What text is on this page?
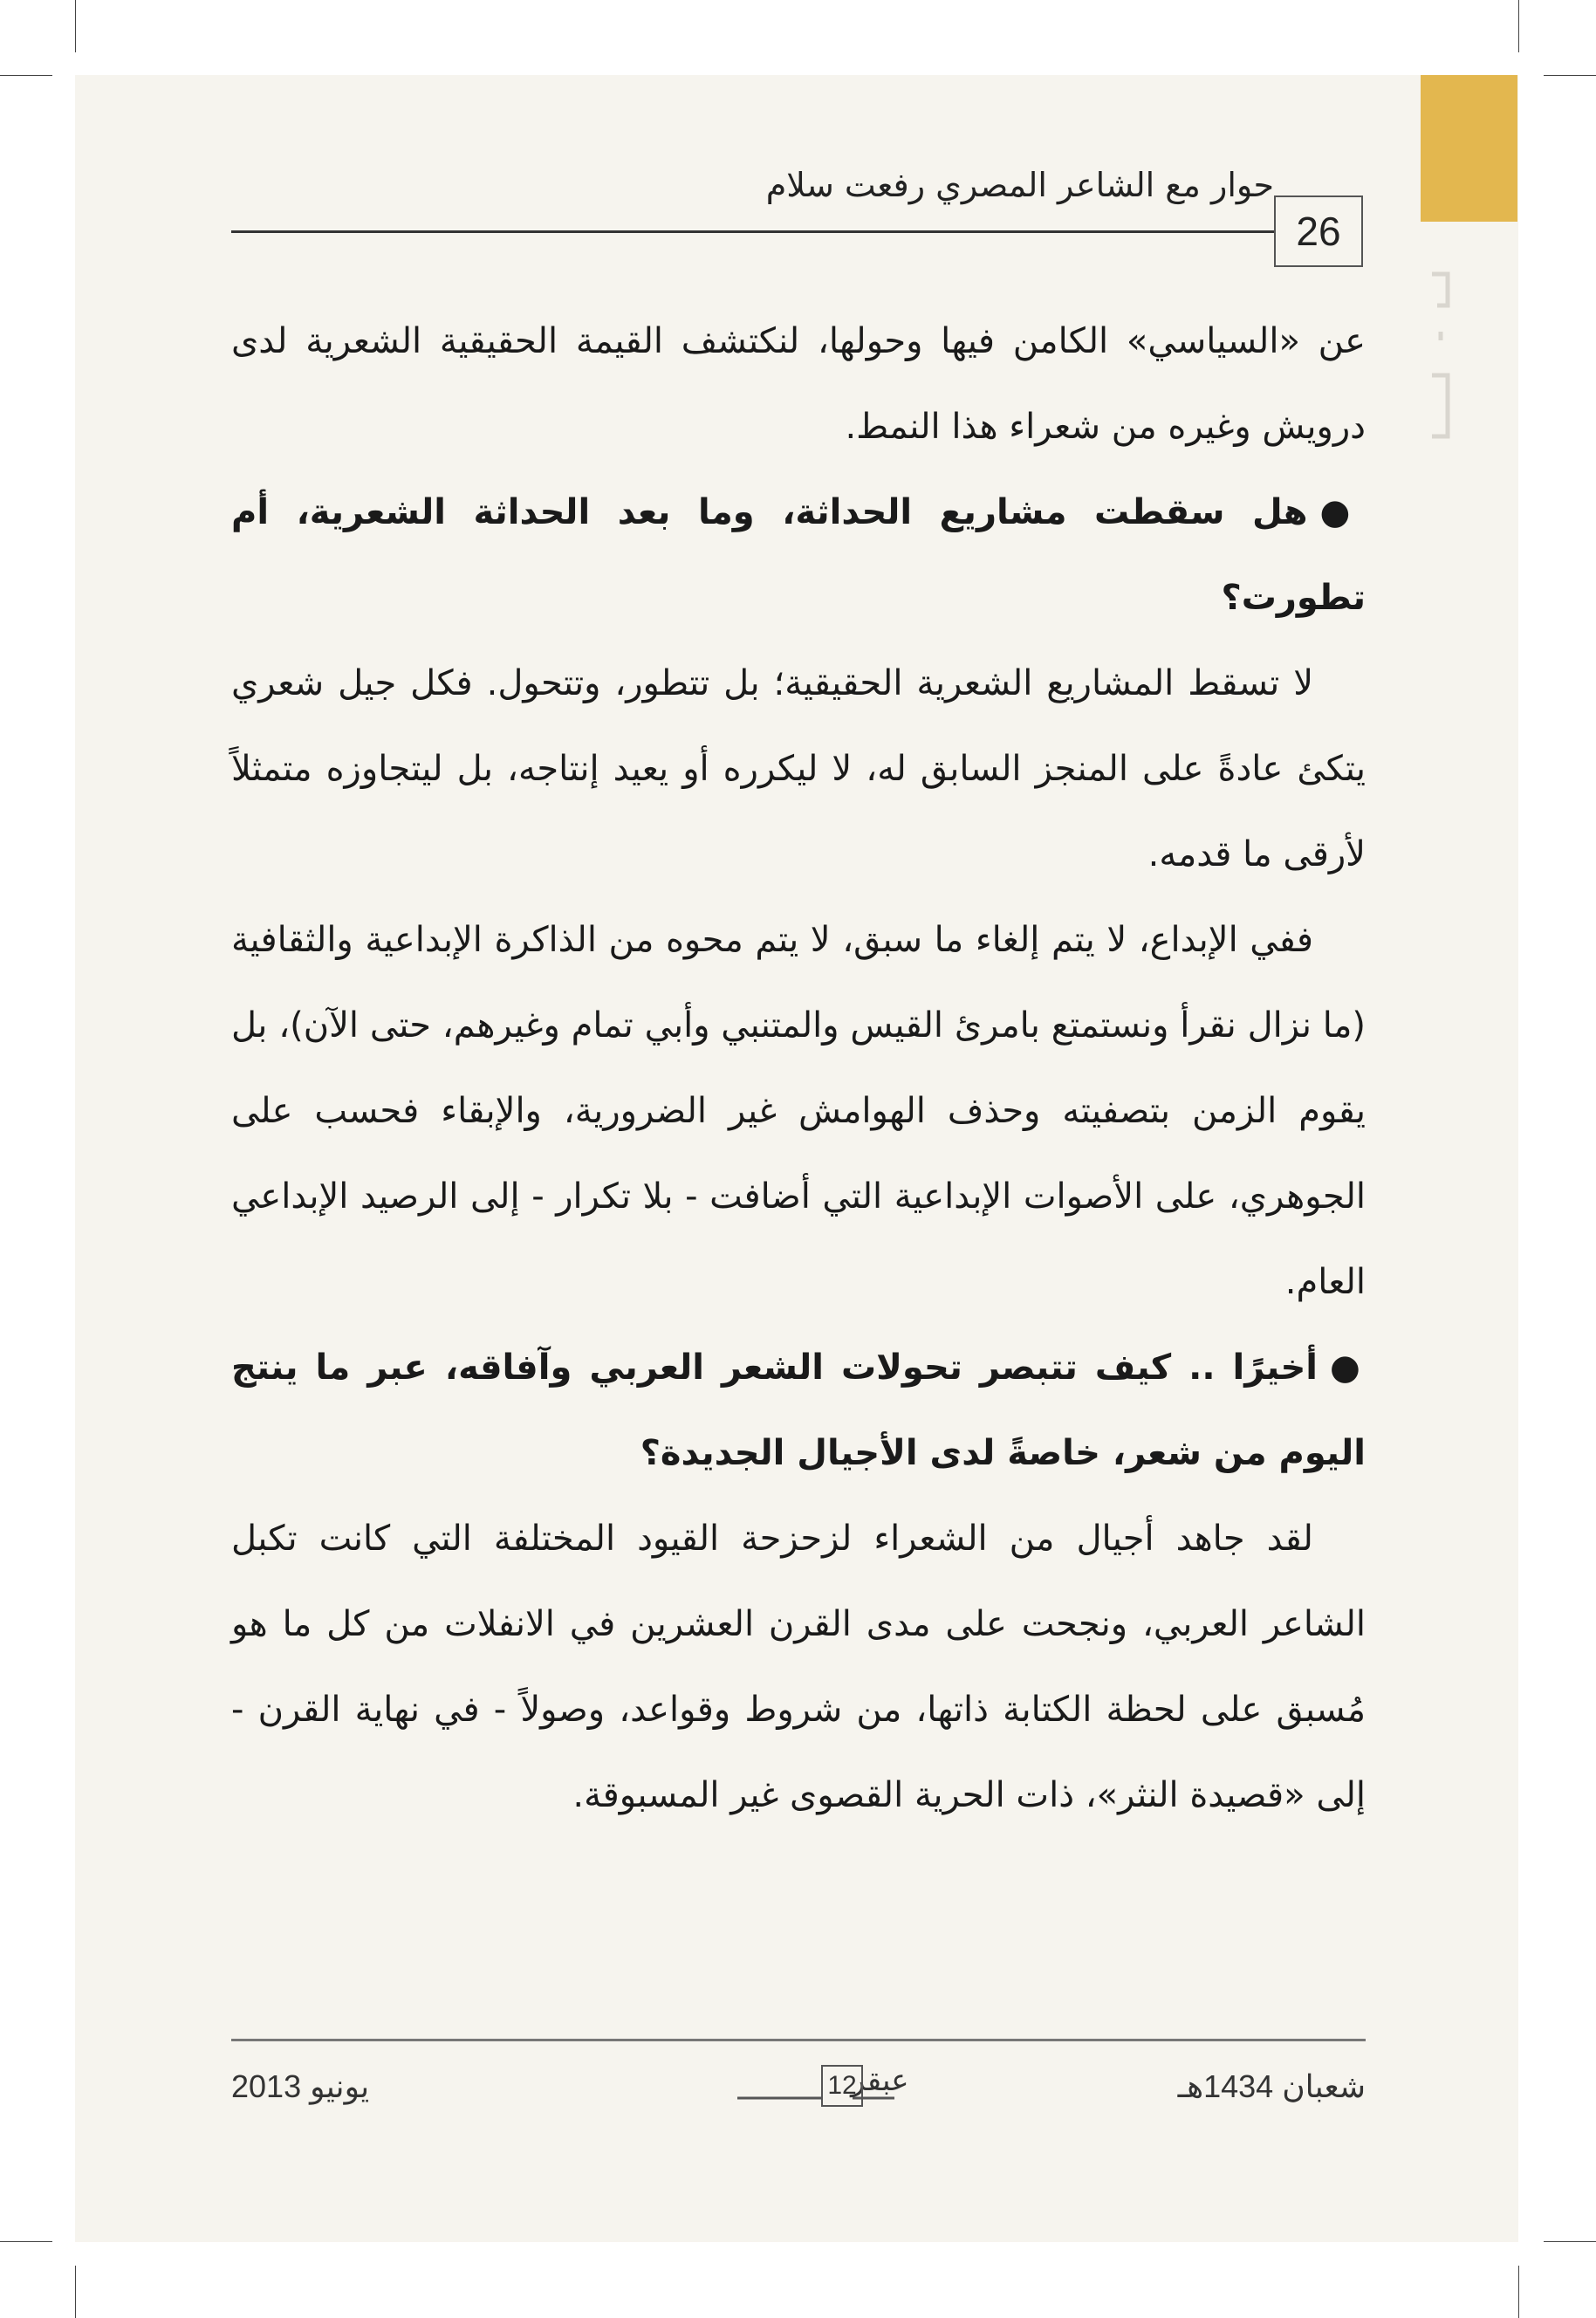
حوار مع الشاعر المصري رفعت سلام
26

عن «السياسي» الكامن فيها وحولها، لنكتشف القيمة الحقيقية الشعرية لدى درويش وغيره من شعراء هذا النمط.

●هل سقطت مشاريع الحداثة، وما بعد الحداثة الشعرية، أم تطورت؟

لا تسقط المشاريع الشعرية الحقيقية؛ بل تتطور، وتتحول. فكل جيل شعري يتكئ عادةً على المنجز السابق له، لا ليكرره أو يعيد إنتاجه، بل ليتجاوزه متمثلاً لأرقى ما قدمه.

ففي الإبداع، لا يتم إلغاء ما سبق، لا يتم محوه من الذاكرة الإبداعية والثقافية (ما نزال نقرأ ونستمتع بامرئ القيس والمتنبي وأبي تمام وغيرهم، حتى الآن)، بل يقوم الزمن بتصفيته وحذف الهوامش غير الضرورية، والإبقاء فحسب على الجوهري، على الأصوات الإبداعية التي أضافت - بلا تكرار - إلى الرصيد الإبداعي العام.

●أخيرًا .. كيف تتبصر تحولات الشعر العربي وآفاقه، عبر ما ينتج اليوم من شعر، خاصةً لدى الأجيال الجديدة؟

لقد جاهد أجيال من الشعراء لزحزحة القيود المختلفة التي كانت تكبل الشاعر العربي، ونجحت على مدى القرن العشرين في الانفلات من كل ما هو مُسبق على لحظة الكتابة ذاتها، من شروط وقواعد، وصولاً - في نهاية القرن - إلى «قصيدة النثر»، ذات الحرية القصوى غير المسبوقة.

يونيو 2013	عبقر
12	شعبان 1434هـ
